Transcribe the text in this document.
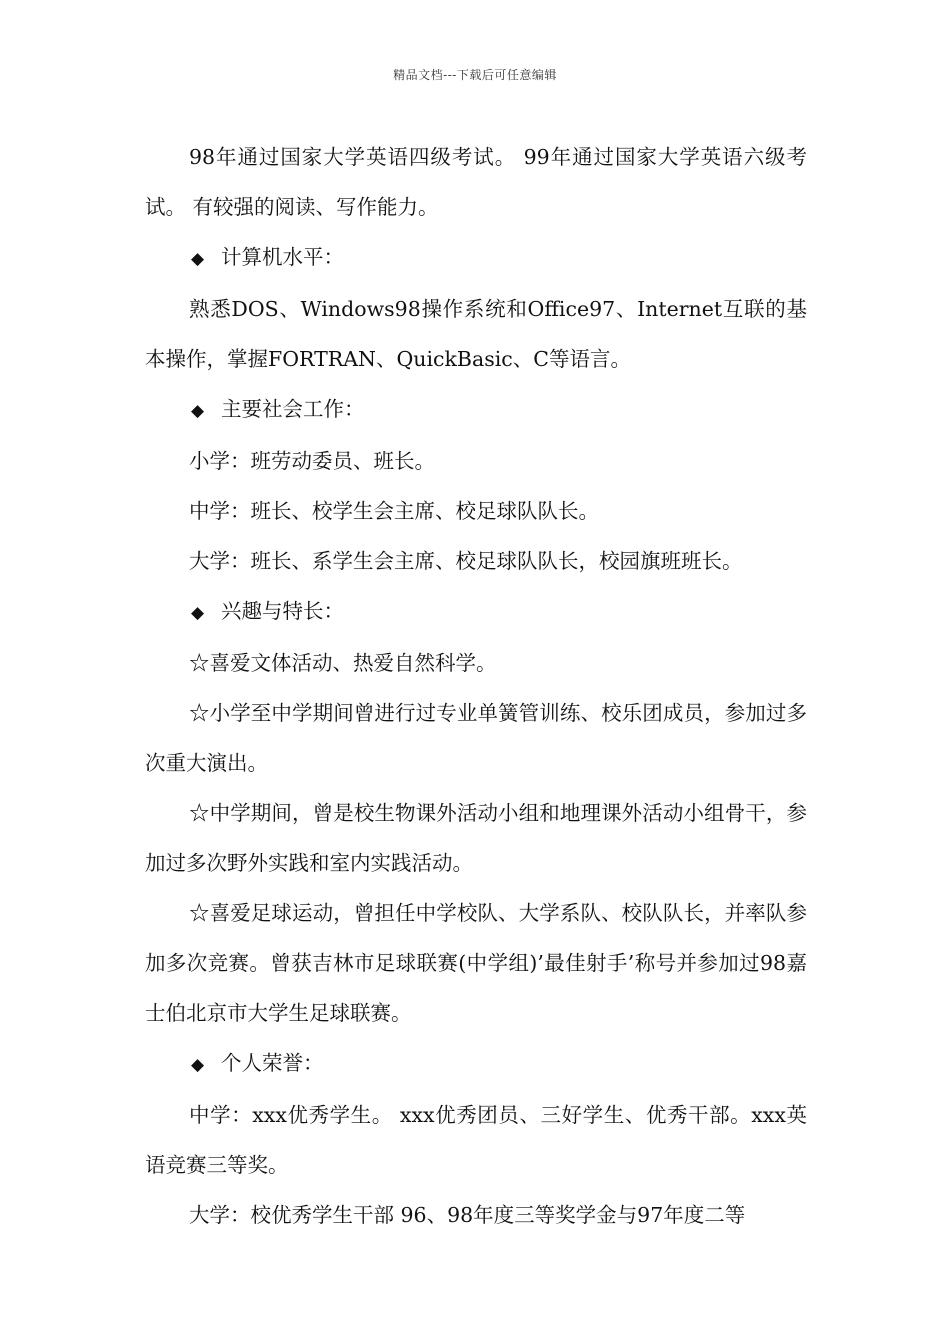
精品文档---下载后可任意编辑

98年通过国家大学英语四级考试。 99年通过国家大学英语六级考试。 有较强的阅读、写作能力。

◆ 计算机水平：

熟悉DOS、Windows98操作系统和Office97、Internet互联的基本操作，掌握FORTRAN、QuickBasic、C等语言。

◆ 主要社会工作：

小学：班劳动委员、班长。

中学：班长、校学生会主席、校足球队队长。

大学：班长、系学生会主席、校足球队队长，校园旗班班长。

◆ 兴趣与特长：

☆喜爱文体活动、热爱自然科学。

☆小学至中学期间曾进行过专业单簧管训练、校乐团成员，参加过多次重大演出。

☆中学期间，曾是校生物课外活动小组和地理课外活动小组骨干，参加过多次野外实践和室内实践活动。

☆喜爱足球运动，曾担任中学校队、大学系队、校队队长，并率队参加多次竞赛。曾获吉林市足球联赛(中学组)’最佳射手’称号并参加过98嘉士伯北京市大学生足球联赛。

◆ 个人荣誉：

中学：xxx优秀学生。 xxx优秀团员、三好学生、优秀干部。xxx英语竞赛三等奖。

大学：校优秀学生干部 96、98年度三等奖学金与97年度二等
